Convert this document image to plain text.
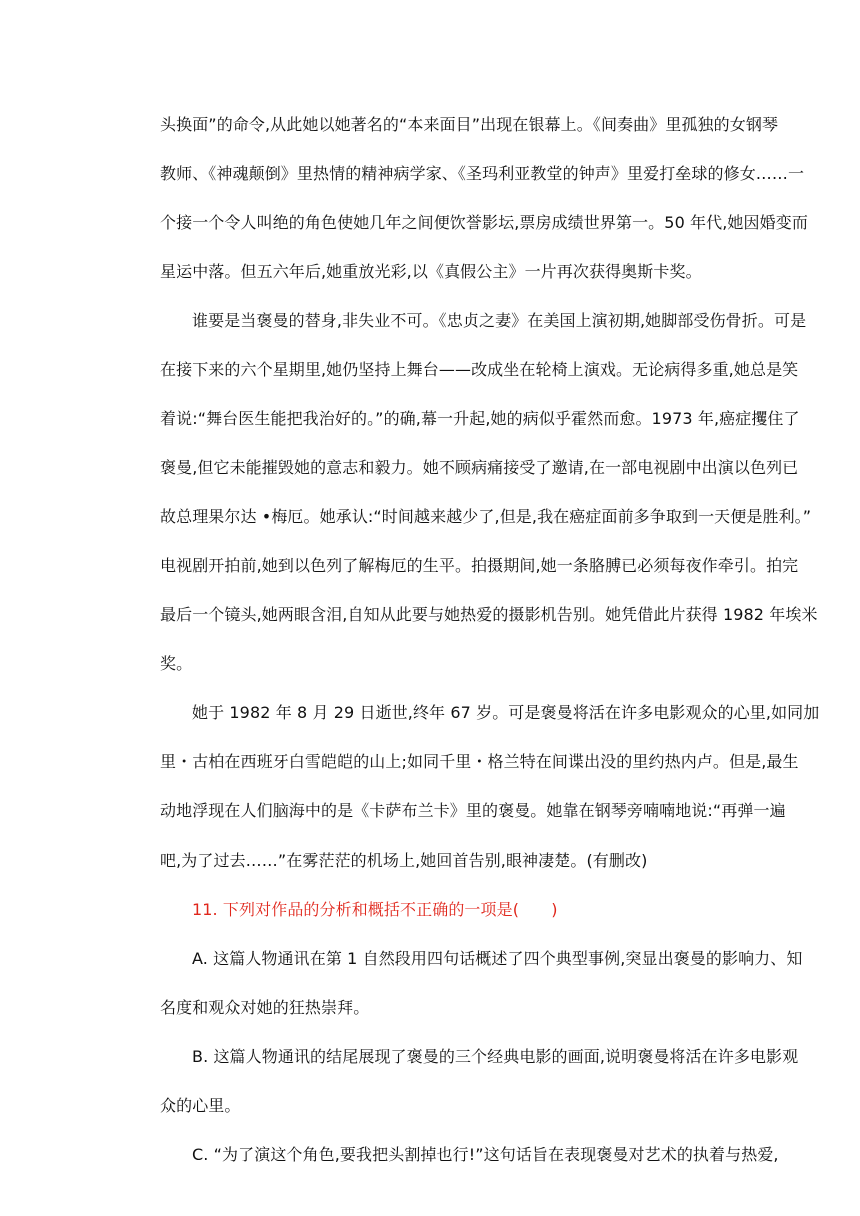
头换面”的命令,从此她以她著名的“本来面目”出现在银幕上。《间奏曲》里孤独的女钢琴
教师、《神魂颠倒》里热情的精神病学家、《圣玛利亚教堂的钟声》里爱打垒球的修女……一
个接一个令人叫绝的角色使她几年之间便饮誉影坛,票房成绩世界第一。50 年代,她因婚变而
星运中落。但五六年后,她重放光彩,以《真假公主》一片再次获得奥斯卡奖。
谁要是当褒曼的替身,非失业不可。《忠贞之妻》在美国上演初期,她脚部受伤骨折。可是
在接下来的六个星期里,她仍坚持上舞台——改成坐在轮椅上演戏。无论病得多重,她总是笑
着说:“舞台医生能把我治好的。”的确,幕一升起,她的病似乎霍然而愈。1973 年,癌症攫住了
褒曼,但它未能摧毁她的意志和毅力。她不顾病痛接受了邀请,在一部电视剧中出演以色列已
故总理果尔达 •梅厄。她承认:“时间越来越少了,但是,我在癌症面前多争取到一天便是胜利。”
电视剧开拍前,她到以色列了解梅厄的生平。拍摄期间,她一条胳膊已必须每夜作牵引。拍完
最后一个镜头,她两眼含泪,自知从此要与她热爱的摄影机告别。她凭借此片获得 1982 年埃米
奖。
她于 1982 年 8 月 29 日逝世,终年 67 岁。可是褒曼将活在许多电影观众的心里,如同加
里・古柏在西班牙白雪皑皑的山上;如同千里・格兰特在间谍出没的里约热内卢。但是,最生
动地浮现在人们脑海中的是《卡萨布兰卡》里的褒曼。她靠在钢琴旁喃喃地说:“再弹一遍
吧,为了过去……”在雾茫茫的机场上,她回首告别,眼神凄楚。(有删改)
11. 下列对作品的分析和概括不正确的一项是(　　)
A. 这篇人物通讯在第 1 自然段用四句话概述了四个典型事例,突显出褒曼的影响力、知
名度和观众对她的狂热崇拜。
B. 这篇人物通讯的结尾展现了褒曼的三个经典电影的画面,说明褒曼将活在许多电影观
众的心里。
C. “为了演这个角色,要我把头割掉也行!”这句话旨在表现褒曼对艺术的执着与热爱,
